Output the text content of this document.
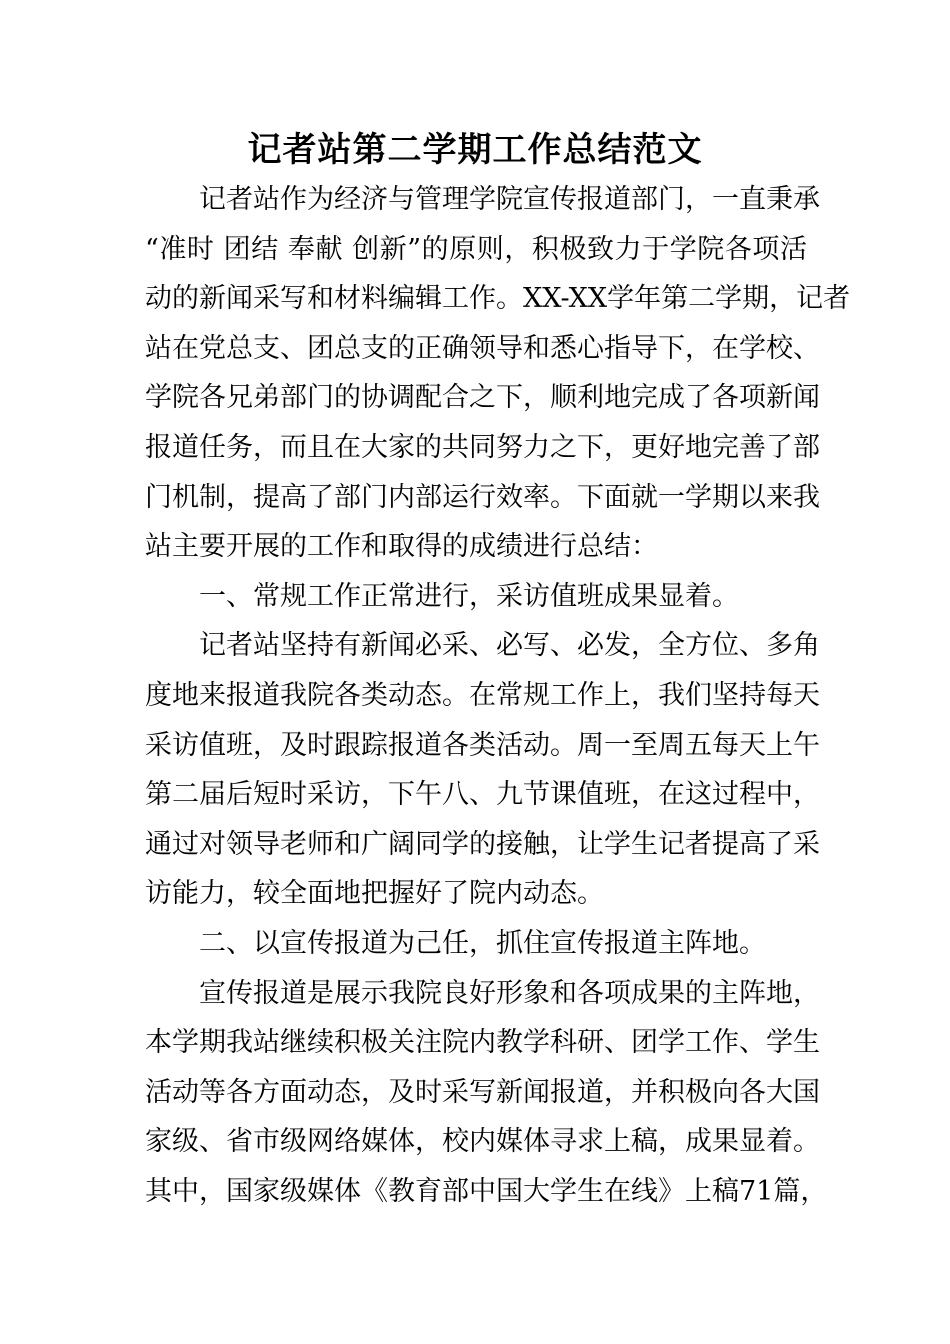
记者站第二学期工作总结范文
记者站作为经济与管理学院宣传报道部门，一直秉承
“准时 团结 奉献 创新”的原则，积极致力于学院各项活
动的新闻采写和材料编辑工作。XX-XX学年第二学期，记者
站在党总支、团总支的正确领导和悉心指导下，在学校、
学院各兄弟部门的协调配合之下，顺利地完成了各项新闻
报道任务，而且在大家的共同努力之下，更好地完善了部
门机制，提高了部门内部运行效率。下面就一学期以来我
站主要开展的工作和取得的成绩进行总结：
一、常规工作正常进行，采访值班成果显着。
记者站坚持有新闻必采、必写、必发，全方位、多角
度地来报道我院各类动态。在常规工作上，我们坚持每天
采访值班，及时跟踪报道各类活动。周一至周五每天上午
第二届后短时采访，下午八、九节课值班，在这过程中，
通过对领导老师和广阔同学的接触，让学生记者提高了采
访能力，较全面地把握好了院内动态。
二、以宣传报道为己任，抓住宣传报道主阵地。
宣传报道是展示我院良好形象和各项成果的主阵地，
本学期我站继续积极关注院内教学科研、团学工作、学生
活动等各方面动态，及时采写新闻报道，并积极向各大国
家级、省市级网络媒体，校内媒体寻求上稿，成果显着。
其中，国家级媒体《教育部中国大学生在线》上稿71篇，
